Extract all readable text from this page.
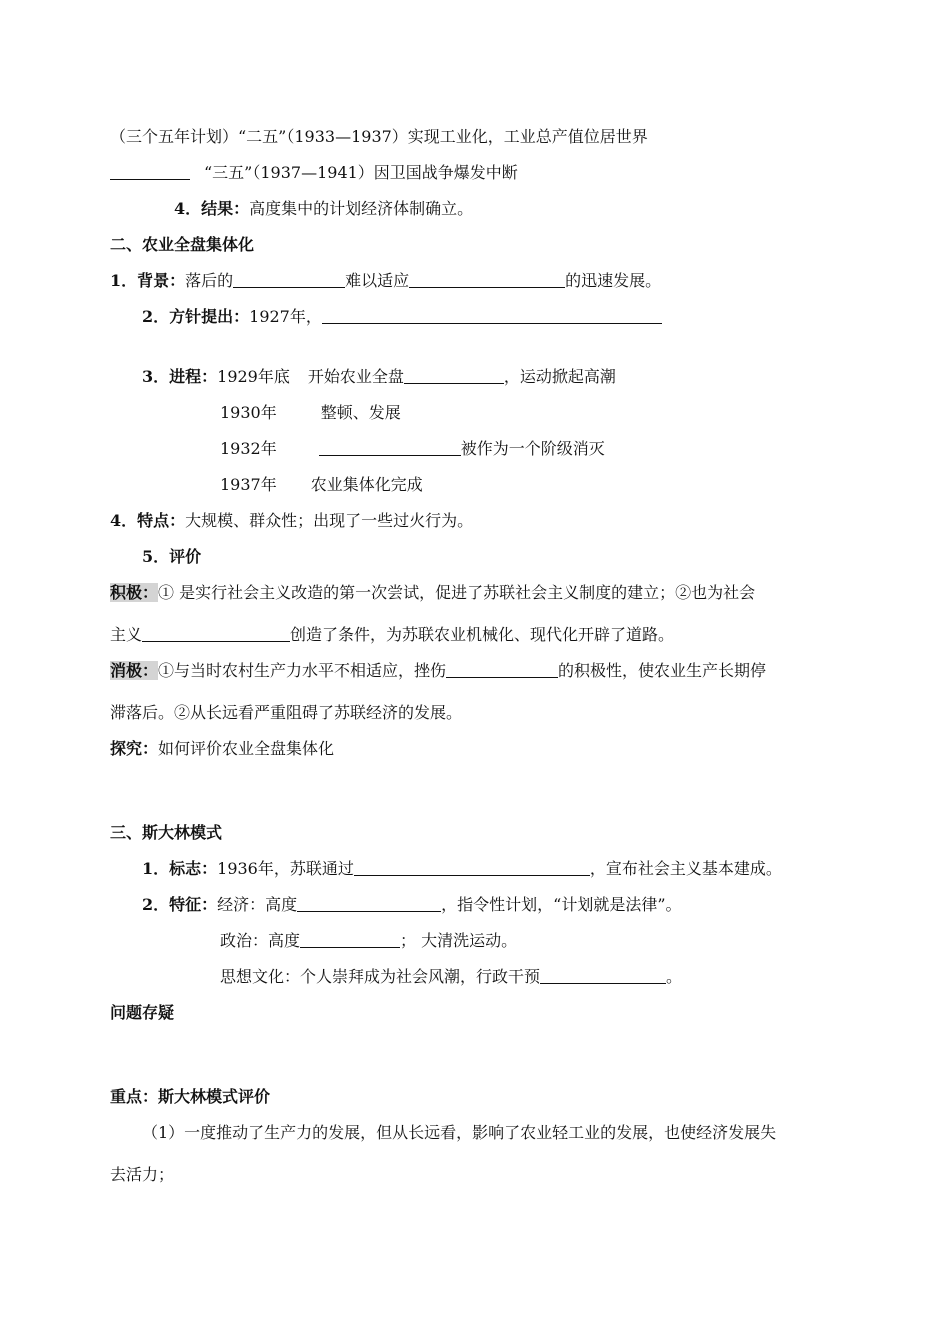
（三个五年计划）“二五”（1933—1937）实现工业化，工业总产值位居世界
“三五”（1937—1941）因卫国战争爆发中断
4．结果：高度集中的计划经济体制确立。
二、农业全盘集体化
1．背景：落后的	难以适应	的迅速发展。
2．方针提出：1927年，
3．进程：1929年底 开始农业全盘	，运动掀起高潮
1930年	整顿、发展
1932年	被作为一个阶级消灭
1937年 农业集体化完成
4．特点：大规模、群众性；出现了一些过火行为。
5．评价
积极：① 是实行社会主义改造的第一次尝试，促进了苏联社会主义制度的建立；②也为社会
主义	创造了条件，为苏联农业机械化、现代化开辟了道路。
消极：①与当时农村生产力水平不相适应，挫伤	的积极性，使农业生产长期停
滞落后。②从长远看严重阻碍了苏联经济的发展。
探究：如何评价农业全盘集体化
三、斯大林模式
1．标志：1936年，苏联通过	，宣布社会主义基本建成。
2．特征：经济：高度	，指令性计划，“计划就是法律”。
政治：高度	； 大清洗运动。
思想文化：个人崇拜成为社会风潮，行政干预	。
问题存疑
重点：斯大林模式评价
（1）一度推动了生产力的发展，但从长远看，影响了农业轻工业的发展，也使经济发展失
去活力；
